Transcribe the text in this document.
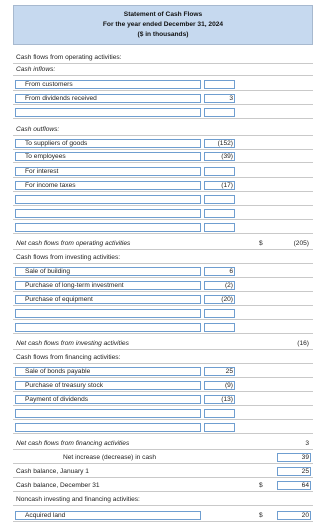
Statement of Cash Flows
For the year ended December 31, 2024
($ in thousands)
Cash flows from operating activities:
Cash inflows:
From customers
From dividends received	3
Cash outflows:
To suppliers of goods	(152)
To employees	(39)
For interest
For income taxes	(17)
Net cash flows from operating activities	$	(205)
Cash flows from investing activities:
Sale of building	6
Purchase of long-term investment	(2)
Purchase of equipment	(20)
Net cash flows from investing activities	(16)
Cash flows from financing activities:
Sale of bonds payable	25
Purchase of treasury stock	(9)
Payment of dividends	(13)
Net cash flows from financing activities	3
Net increase (decrease) in cash	39
Cash balance, January 1	25
Cash balance, December 31	$	64
Noncash investing and financing activities:
Acquired land	$	20
